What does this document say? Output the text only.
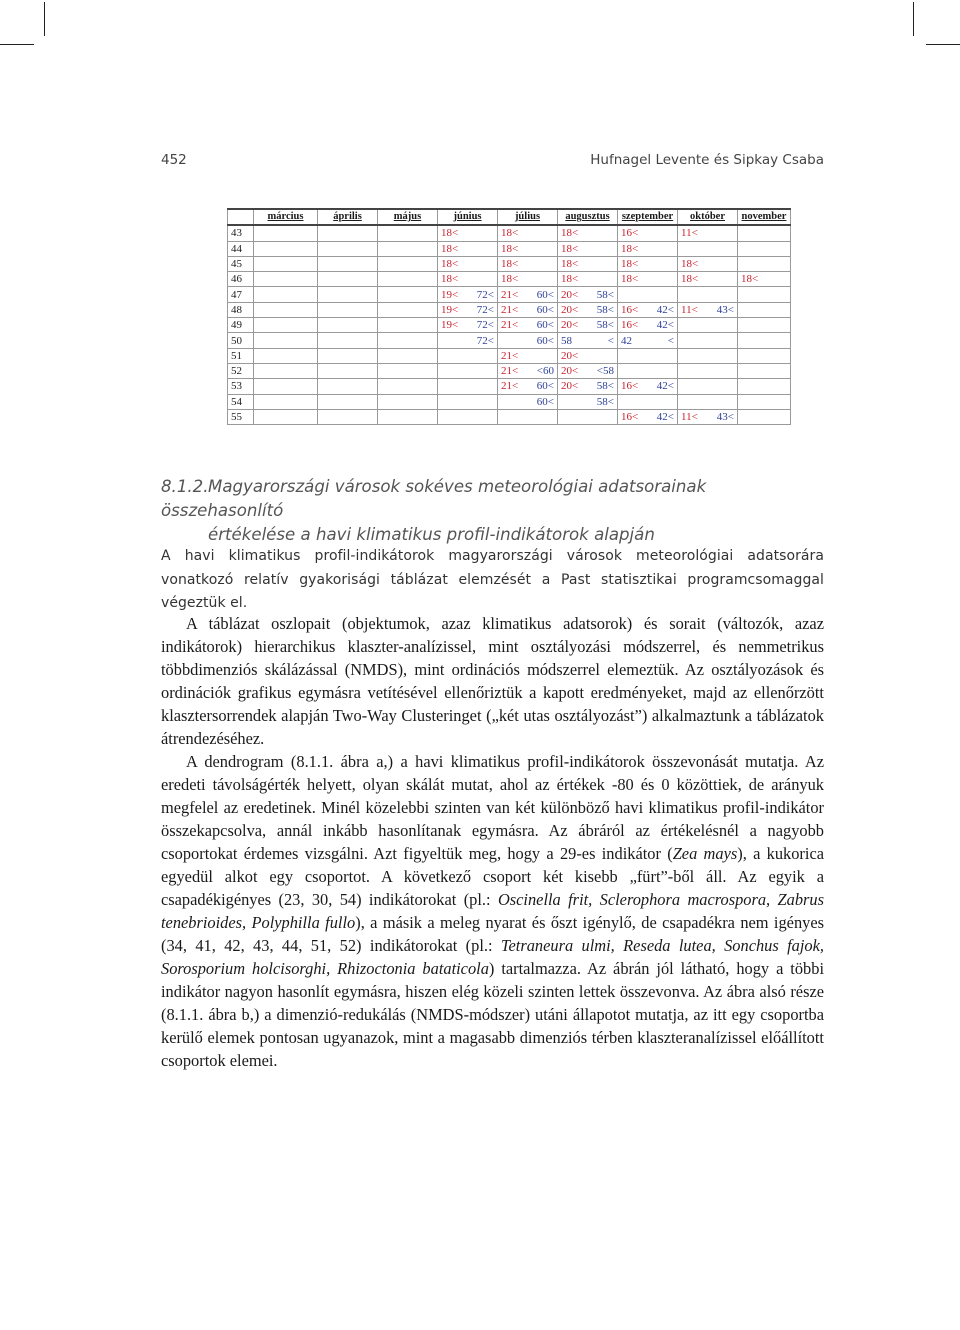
452	Hufnagel Levente és Sipkay Csaba
	március	április	május	június	július	augusztus	szeptember	október	november
43				18<	18<	18<	16<	11<	
44				18<	18<	18<	18<		
45				18<	18<	18<	18<	18<	
46				18<	18<	18<	18<	18<	18<
47				19< 72<	21< 60<	20< 58<			

48				19< 72<	21< 60<	20< 58<	16< 42<	11< 43<	

49				19< 72<	21< 60<	20< 58<	16< 42<		

50				72<	60<	58 <	42 <		

51					21<	20<			
52					21< <60	20< <58			

53					21< 60<	20< 58<	16< 42<		

54					60<	58<			
55							16< 42<	11< 43<	

8.1.2.Magyarországi városok sokéves meteorológiai adatsorainak összehasonlító
értékelése a havi klimatikus profil-indikátorok alapján
A havi klimatikus profil-indikátorok magyarországi városok meteorológiai adatsorára vonatkozó relatív gyakorisági táblázat elemzését a Past statisztikai programcsomaggal végeztük el.

A táblázat oszlopait (objektumok, azaz klimatikus adatsorok) és sorait (változók, azaz indikátorok) hierarchikus klaszter-analízissel, mint osztályozási módszerrel, és nemmetrikus többdimenziós skálázással (NMDS), mint ordinációs módszerrel elemeztük. Az osztályozások és ordinációk grafikus egymásra vetítésével ellenőriztük a kapott eredményeket, majd az ellenőrzött klasztersorrendek alapján Two-Way Clusteringet („két utas osztályozást”) alkalmaztunk a táblázatok átrendezéséhez.

A dendrogram (8.1.1. ábra a,) a havi klimatikus profil-indikátorok összevonását mutatja. Az eredeti távolságérték helyett, olyan skálát mutat, ahol az értékek -80 és 0 közöttiek, de arányuk megfelel az eredetinek. Minél közelebbi szinten van két különböző havi klimatikus profil-indikátor összekapcsolva, annál inkább hasonlítanak egymásra. Az ábráról az értékelésnél a nagyobb csoportokat érdemes vizsgálni. Azt figyeltük meg, hogy a 29-es indikátor (Zea mays), a kukorica egyedül alkot egy csoportot. A következő csoport két kisebb „fürt”-ből áll. Az egyik a csapadékigényes (23, 30, 54) indikátorokat (pl.: Oscinella frit, Sclerophora macrospora, Zabrus tenebrioides, Polyphilla fullo), a másik a meleg nyarat és őszt igénylő, de csapadékra nem igényes (34, 41, 42, 43, 44, 51, 52) indikátorokat (pl.: Tetraneura ulmi, Reseda lutea, Sonchus fajok, Sorosporium holcisorghi, Rhizoctonia bataticola) tartalmazza. Az ábrán jól látható, hogy a többi indikátor nagyon hasonlít egymásra, hiszen elég közeli szinten lettek összevonva. Az ábra alsó része (8.1.1. ábra b,) a dimenzió-redukálás (NMDS-módszer) utáni állapotot mutatja, az itt egy csoportba kerülő elemek pontosan ugyanazok, mint a magasabb dimenziós térben klaszteranalízissel előállított csoportok elemei.
